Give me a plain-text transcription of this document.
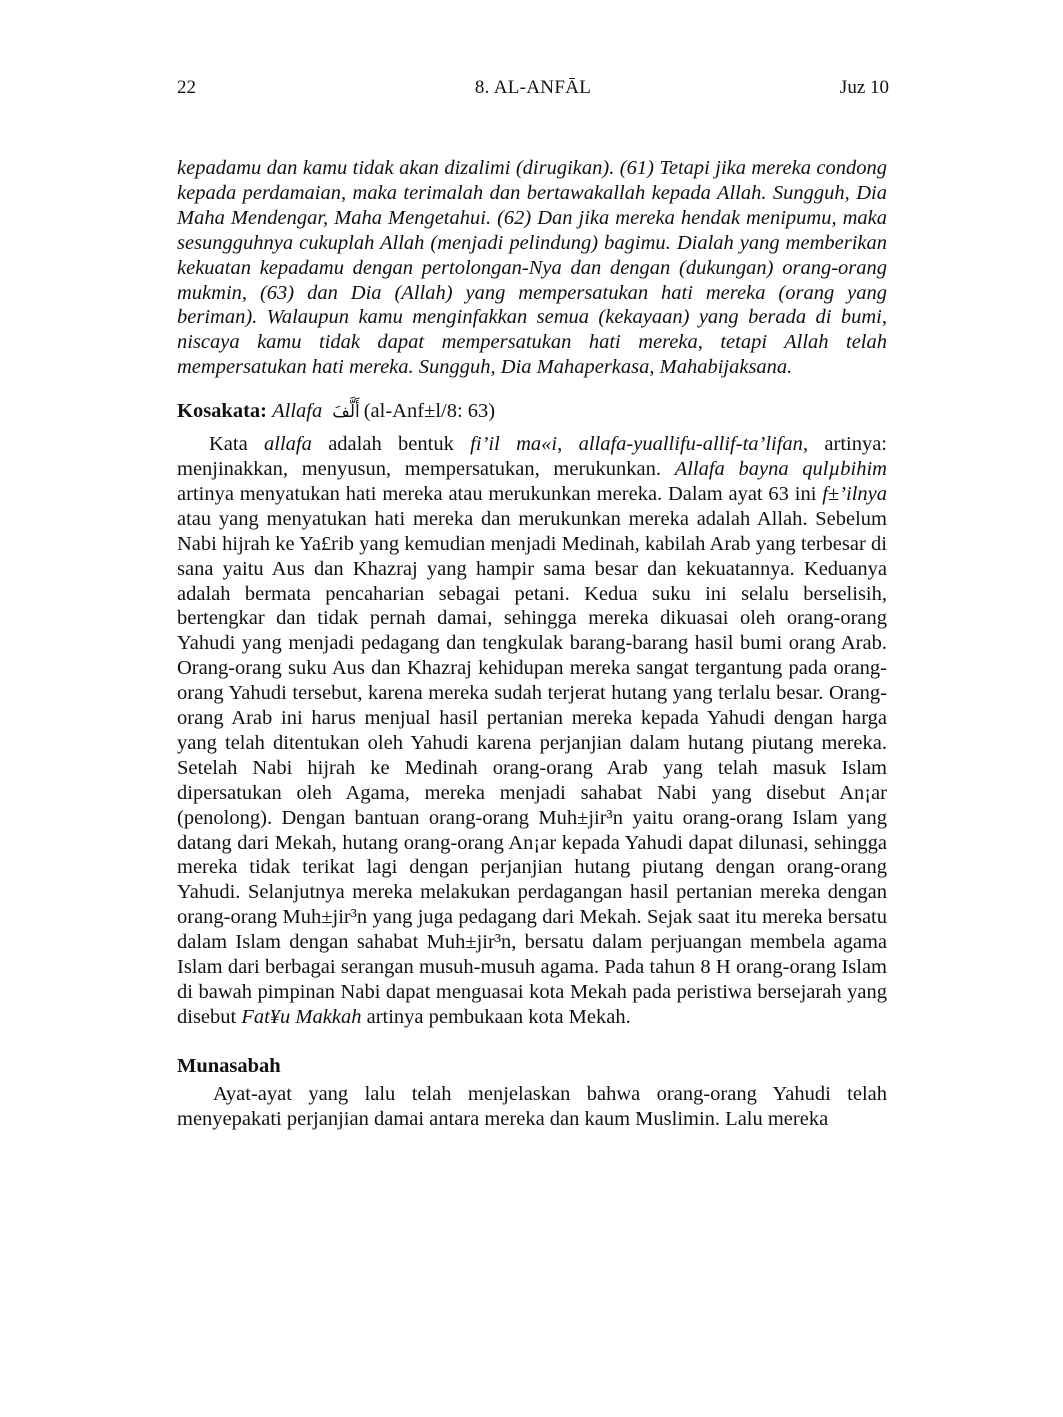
22	8. AL-ANFĀL	Juz 10

kepadamu dan kamu tidak akan dizalimi (dirugikan). (61) Tetapi jika mereka condong kepada perdamaian, maka terimalah dan bertawakallah kepada Allah. Sungguh, Dia Maha Mendengar, Maha Mengetahui. (62) Dan jika mereka hendak menipumu, maka sesungguhnya cukuplah Allah (menjadi pelindung) bagimu. Dialah yang memberikan kekuatan kepadamu dengan pertolongan-Nya dan dengan (dukungan) orang-orang mukmin, (63) dan Dia (Allah) yang mempersatukan hati mereka (orang yang beriman). Walaupun kamu menginfakkan semua (kekayaan) yang berada di bumi, niscaya kamu tidak dapat mempersatukan hati mereka, tetapi Allah telah mempersatukan hati mereka. Sungguh, Dia Mahaperkasa, Mahabijaksana.

Kosakata: Allafa أَلَّفَ (al-Anf±l/8: 63)

Kata allafa adalah bentuk fi’il ma«i, allafa-yuallifu-allif-ta’lifan, artinya: menjinakkan, menyusun, mempersatukan, merukunkan. Allafa bayna qulµbihim artinya menyatukan hati mereka atau merukunkan mereka. Dalam ayat 63 ini f±’ilnya atau yang menyatukan hati mereka dan merukunkan mereka adalah Allah. Sebelum Nabi hijrah ke Ya£rib yang kemudian menjadi Medinah, kabilah Arab yang terbesar di sana yaitu Aus dan Khazraj yang hampir sama besar dan kekuatannya. Keduanya adalah bermata pencaharian sebagai petani. Kedua suku ini selalu berselisih, bertengkar dan tidak pernah damai, sehingga mereka dikuasai oleh orang-orang Yahudi yang menjadi pedagang dan tengkulak barang-barang hasil bumi orang Arab. Orang-orang suku Aus dan Khazraj kehidupan mereka sangat tergantung pada orang-orang Yahudi tersebut, karena mereka sudah terjerat hutang yang terlalu besar. Orang-orang Arab ini harus menjual hasil pertanian mereka kepada Yahudi dengan harga yang telah ditentukan oleh Yahudi karena perjanjian dalam hutang piutang mereka. Setelah Nabi hijrah ke Medinah orang-orang Arab yang telah masuk Islam dipersatukan oleh Agama, mereka menjadi sahabat Nabi yang disebut An¡ar (penolong). Dengan bantuan orang-orang Muh±jir³n yaitu orang-orang Islam yang datang dari Mekah, hutang orang-orang An¡ar kepada Yahudi dapat dilunasi, sehingga mereka tidak terikat lagi dengan perjanjian hutang piutang dengan orang-orang Yahudi. Selanjutnya mereka melakukan perdagangan hasil pertanian mereka dengan orang-orang Muh±jir³n yang juga pedagang dari Mekah. Sejak saat itu mereka bersatu dalam Islam dengan sahabat Muh±jir³n, bersatu dalam perjuangan membela agama Islam dari berbagai serangan musuh-musuh agama. Pada tahun 8 H orang-orang Islam di bawah pimpinan Nabi dapat menguasai kota Mekah pada peristiwa bersejarah yang disebut Fat¥u Makkah artinya pembukaan kota Mekah.

Munasabah

Ayat-ayat yang lalu telah menjelaskan bahwa orang-orang Yahudi telah menyepakati perjanjian damai antara mereka dan kaum Muslimin. Lalu mereka
